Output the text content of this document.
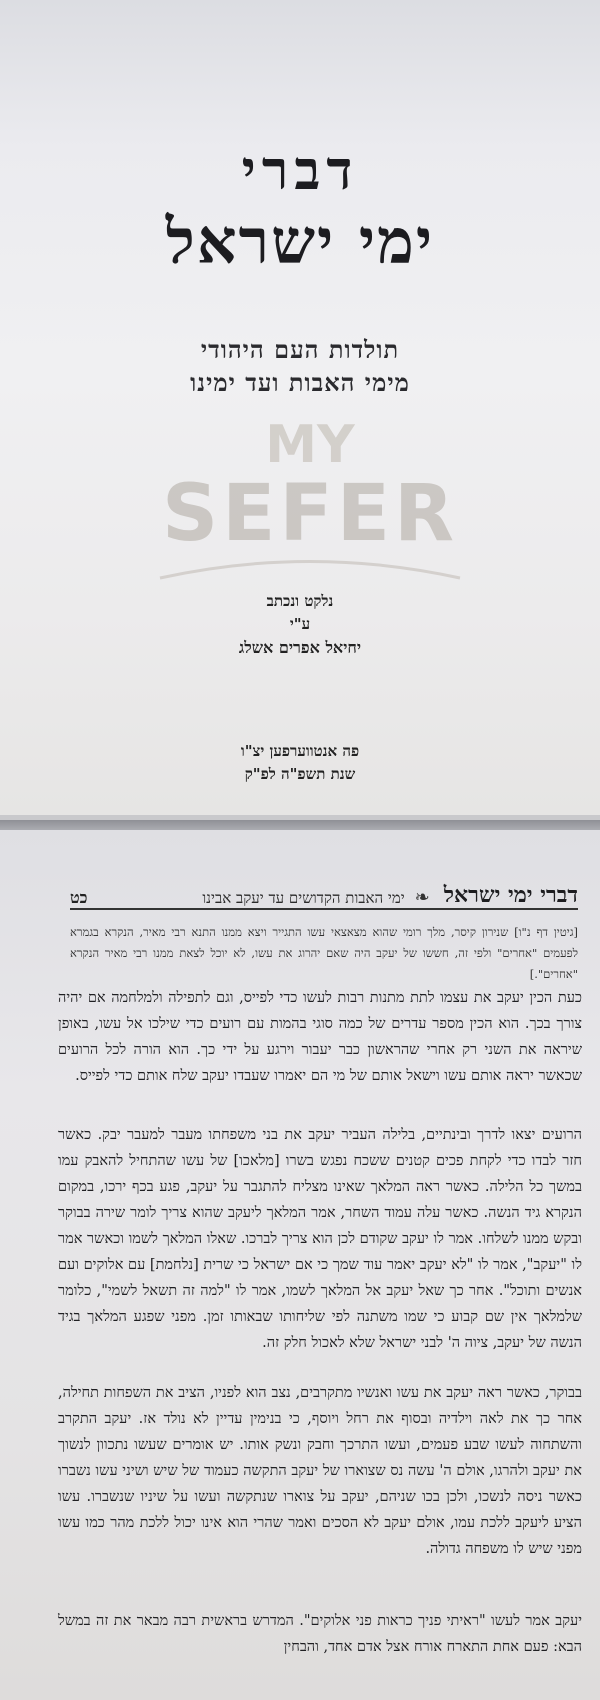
דברי
ימי ישראל
תולדות העם היהודי
מימי האבות ועד ימינו
MY
SEFER
נלקט ונכתב
ע"י
יחיאל אפרים אשלג
פה אנטווערפען יצ"ו
שנת תשפ"ה לפ"ק
דברי ימי ישראל
❧
ימי האבות הקדושים עד יעקב אבינו
כט
[גיטין דף נ"ו] שנירון קיסר, מלך רומי שהוא מצאצאי עשו התגייר ויצא ממנו התנא רבי מאיר, הנקרא בגמרא לפעמים "אחרים" ולפי זה, חששו של יעקב היה שאם יהרוג את עשו, לא יוכל לצאת ממנו רבי מאיר הנקרא "אחרים".]
כעת הכין יעקב את עצמו לתת מתנות רבות לעשו כדי לפייס, וגם לתפילה ולמלחמה אם יהיה צורך בכך. הוא הכין מספר עדרים של כמה סוגי בהמות עם רועים כדי שילכו אל עשו, באופן שיראה את השני רק אחרי שהראשון כבר יעבור וירגע על ידי כך. הוא הורה לכל הרועים שכאשר יראה אותם עשו וישאל אותם של מי הם יאמרו שעבדו יעקב שלח אותם כדי לפייס.
הרועים יצאו לדרך ובינתיים, בלילה העביר יעקב את בני משפחתו מעבר למעבר יבק. כאשר חזר לבדו כדי לקחת פכים קטנים ששכח נפגש בשרו [מלאכו] של עשו שהתחיל להאבק עמו במשך כל הלילה. כאשר ראה המלאך שאינו מצליח להתגבר על יעקב, פגע בכף ירכו, במקום הנקרא גיד הנשה. כאשר עלה עמוד השחר, אמר המלאך ליעקב שהוא צריך לומר שירה בבוקר ובקש ממנו לשלחו. אמר לו יעקב שקודם לכן הוא צריך לברכו. שאלו המלאך לשמו וכאשר אמר לו "יעקב", אמר לו "לא יעקב יאמר עוד שמך כי אם ישראל כי שרית [נלחמת] עם אלוקים ועם אנשים ותוכל". אחר כך שאל יעקב אל המלאך לשמו, אמר לו "למה זה תשאל לשמי", כלומר שלמלאך אין שם קבוע כי שמו משתנה לפי שליחותו שבאותו זמן. מפני שפגע המלאך בגיד הנשה של יעקב, ציוה ה' לבני ישראל שלא לאכול חלק זה.
בבוקר, כאשר ראה יעקב את עשו ואנשיו מתקרבים, נצב הוא לפניו, הציב את השפחות תחילה, אחר כך את לאה וילדיה ובסוף את רחל ויוסף, כי בנימין עדיין לא נולד אז. יעקב התקרב והשתחוה לעשו שבע פעמים, ועשו התרכך וחבק ונשק אותו. יש אומרים שעשו נתכוון לנשוך את יעקב ולהרגו, אולם ה' עשה נס שצוארו של יעקב התקשה כעמוד של שיש ושיני עשו נשברו כאשר ניסה לנשכו, ולכן בכו שניהם, יעקב על צוארו שנתקשה ועשו על שיניו שנשברו. עשו הציע ליעקב ללכת עמו, אולם יעקב לא הסכים ואמר שהרי הוא אינו יכול ללכת מהר כמו עשו מפני שיש לו משפחה גדולה.
יעקב אמר לעשו "ראיתי פניך כראות פני אלוקים". המדרש בראשית רבה מבאר את זה במשל הבא: פעם אחת התארח אורח אצל אדם אחד, והבחין
